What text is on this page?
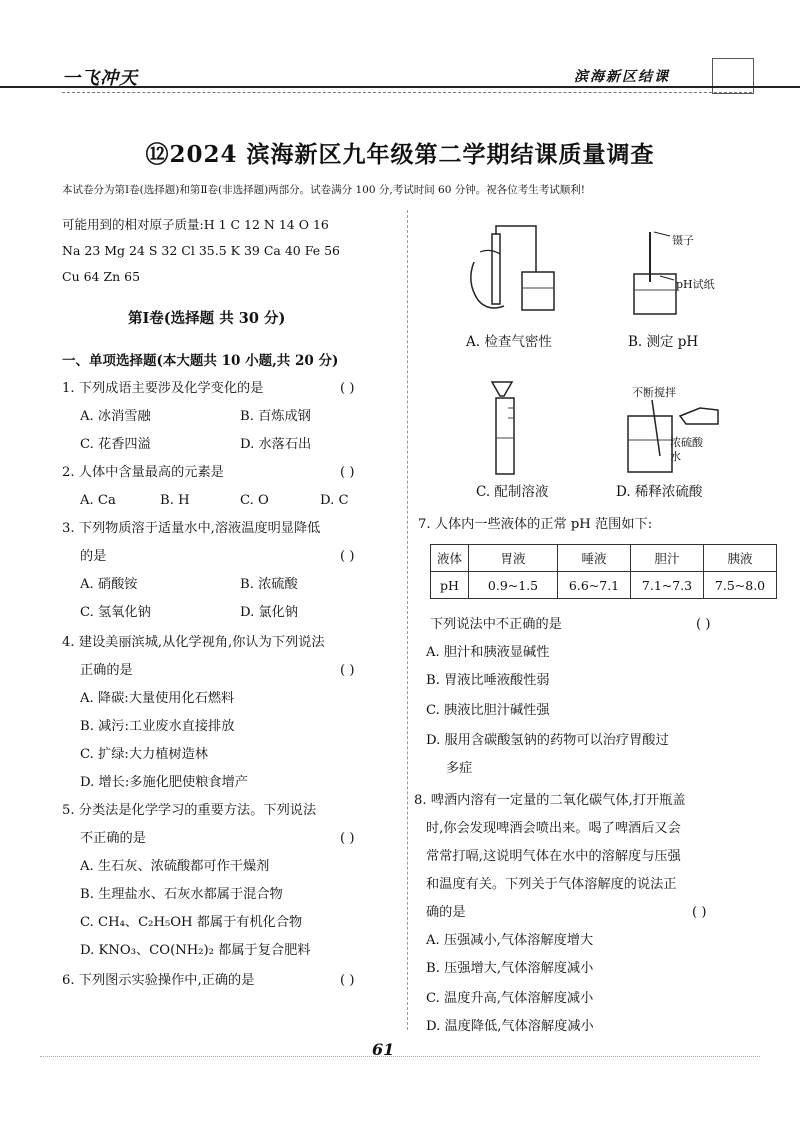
一飞冲天	滨海新区结课
⑫2024 滨海新区九年级第二学期结课质量调查
本试卷分为第Ⅰ卷(选择题)和第Ⅱ卷(非选择题)两部分。试卷满分 100 分,考试时间 60 分钟。祝各位考生考试顺利!
可能用到的相对原子质量:H 1 C 12 N 14 O 16
Na 23 Mg 24 S 32 Cl 35.5 K 39 Ca 40 Fe 56
Cu 64 Zn 65
第Ⅰ卷(选择题 共 30 分)
一、单项选择题(本大题共 10 小题,共 20 分)
1. 下列成语主要涉及化学变化的是	( )
A. 冰消雪融	B. 百炼成钢
C. 花香四溢	D. 水落石出
2. 人体中含量最高的元素是	( )
A. Ca	B. H	C. O	D. C
3. 下列物质溶于适量水中,溶液温度明显降低
的是	( )
A. 硝酸铵	B. 浓硫酸
C. 氢氧化钠	D. 氯化钠
4. 建设美丽滨城,从化学视角,你认为下列说法
正确的是	( )
A. 降碳:大量使用化石燃料
B. 减污:工业废水直接排放
C. 扩绿:大力植树造林
D. 增长:多施化肥使粮食增产
5. 分类法是化学学习的重要方法。下列说法
不正确的是	( )
A. 生石灰、浓硫酸都可作干燥剂
B. 生理盐水、石灰水都属于混合物
C. CH₄、C₂H₅OH 都属于有机化合物
D. KNO₃、CO(NH₂)₂ 都属于复合肥料
6. 下列图示实验操作中,正确的是	( )
A. 检查气密性
镊子
pH试纸
B. 测定 pH
C. 配制溶液
不断搅拌
浓硫酸
水
D. 稀释浓硫酸
7. 人体内一些液体的正常 pH 范围如下:
液体	胃液	唾液	胆汁	胰液
pH	0.9~1.5	6.6~7.1	7.1~7.3	7.5~8.0
下列说法中不正确的是	( )
A. 胆汁和胰液显碱性
B. 胃液比唾液酸性弱
C. 胰液比胆汁碱性强
D. 服用含碳酸氢钠的药物可以治疗胃酸过
多症
8. 啤酒内溶有一定量的二氧化碳气体,打开瓶盖
时,你会发现啤酒会喷出来。喝了啤酒后又会
常常打嗝,这说明气体在水中的溶解度与压强
和温度有关。下列关于气体溶解度的说法正
确的是	( )
A. 压强减小,气体溶解度增大
B. 压强增大,气体溶解度减小
C. 温度升高,气体溶解度减小
D. 温度降低,气体溶解度减小
61
